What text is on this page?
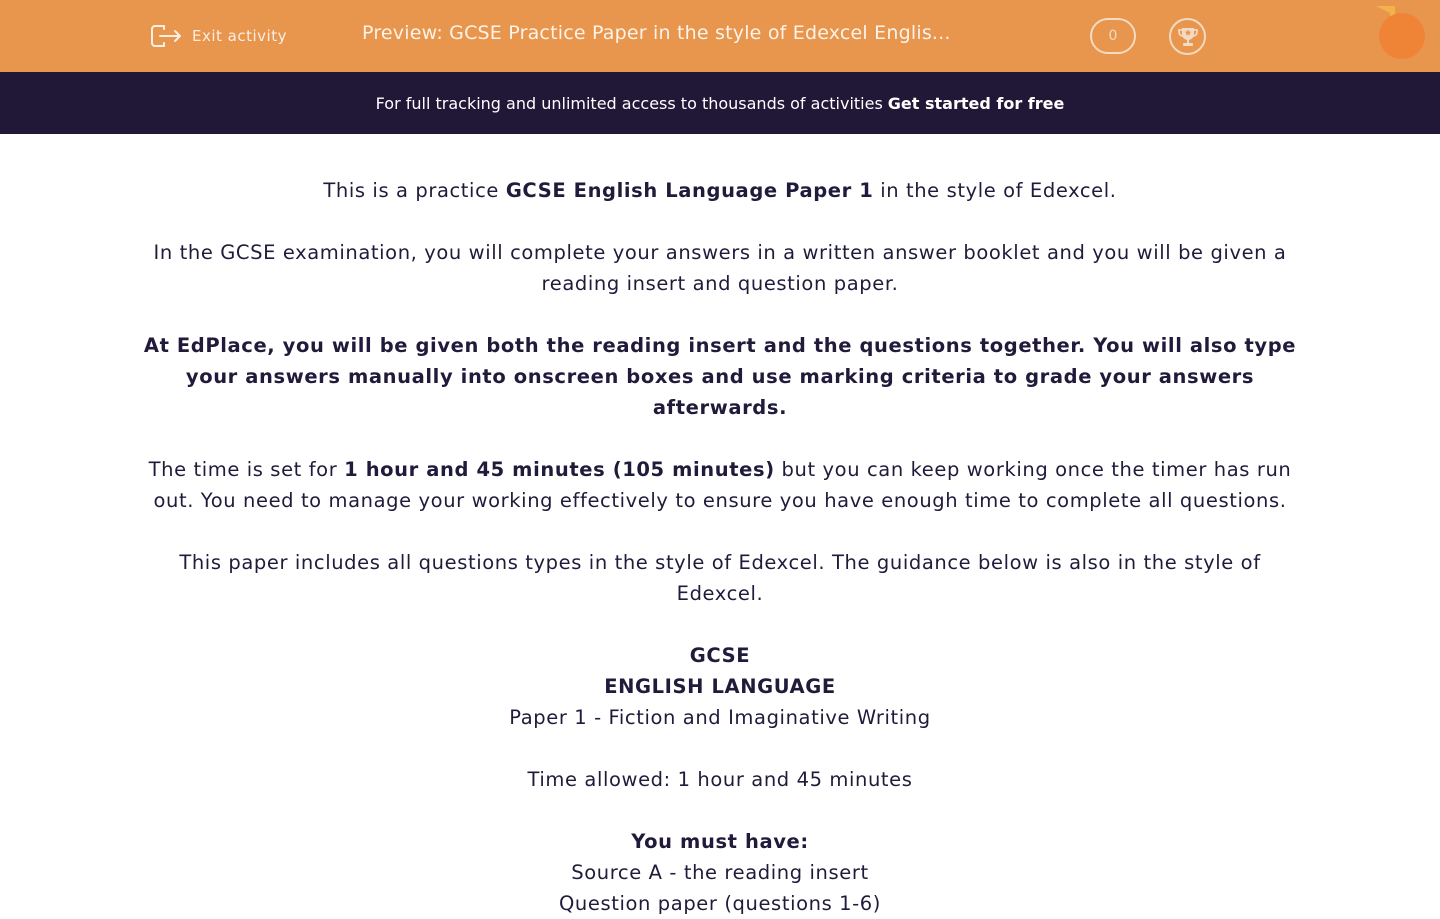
Exit activity	Preview: GCSE Practice Paper in the style of Edexcel Englis...	0
For full tracking and unlimited access to thousands of activities Get started for free

This is a practice GCSE English Language Paper 1 in the style of Edexcel.

In the GCSE examination, you will complete your answers in a written answer booklet and you will be given a reading insert and question paper.

At EdPlace, you will be given both the reading insert and the questions together. You will also type your answers manually into onscreen boxes and use marking criteria to grade your answers afterwards.

The time is set for 1 hour and 45 minutes (105 minutes) but you can keep working once the timer has run out. You need to manage your working effectively to ensure you have enough time to complete all questions.

This paper includes all questions types in the style of Edexcel. The guidance below is also in the style of Edexcel.

GCSE

ENGLISH LANGUAGE

Paper 1 - Fiction and Imaginative Writing

Time allowed: 1 hour and 45 minutes

You must have:

Source A - the reading insert

Question paper (questions 1-6)
